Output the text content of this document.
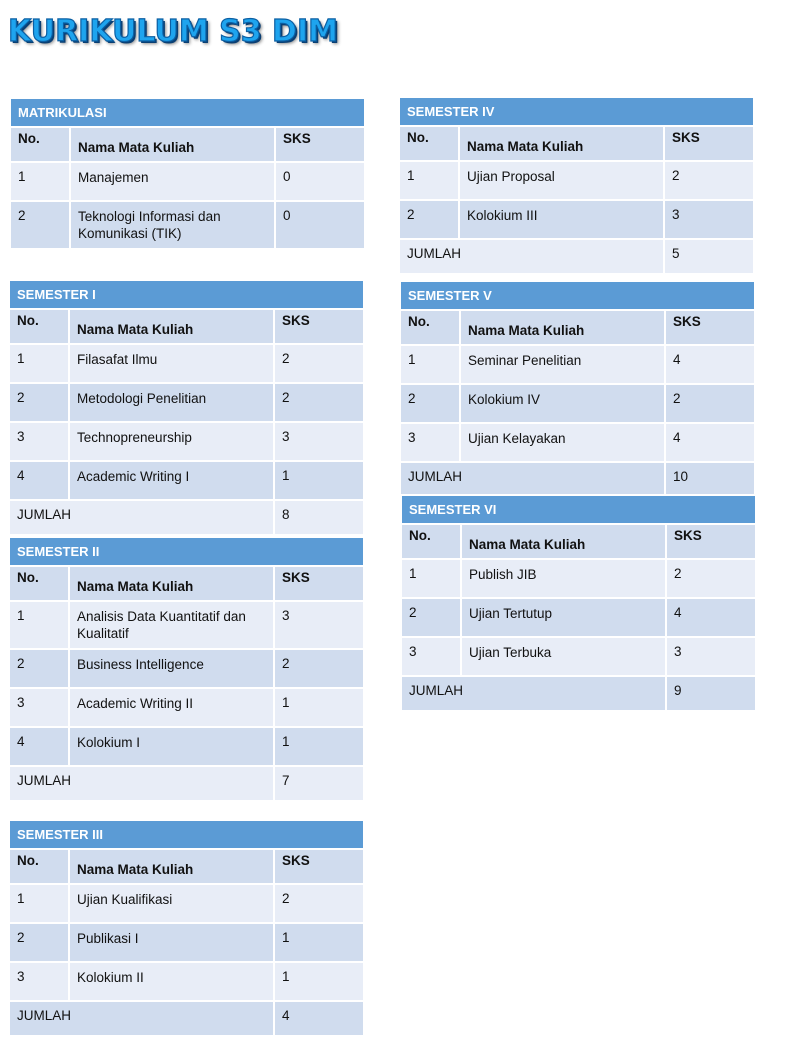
KURIKULUM S3 DIM
MATRIKULASI		
No.	Nama Mata Kuliah	SKS
1	Manajemen	0
2	Teknologi Informasi dan Komunikasi (TIK)	0
SEMESTER I		
No.	Nama Mata Kuliah	SKS
1	Filasafat Ilmu	2
2	Metodologi Penelitian	2
3	Technopreneurship	3
4	Academic Writing I	1
JUMLAH		8
SEMESTER II		
No.	Nama Mata Kuliah	SKS
1	Analisis Data Kuantitatif dan Kualitatif	3
2	Business Intelligence	2
3	Academic Writing II	1
4	Kolokium I	1
JUMLAH		7
SEMESTER III		
No.	Nama Mata Kuliah	SKS
1	Ujian Kualifikasi	2
2	Publikasi I	1
3	Kolokium II	1
JUMLAH		4
SEMESTER IV		
No.	Nama Mata Kuliah	SKS
1	Ujian Proposal	2
2	Kolokium III	3
JUMLAH		5
SEMESTER V		
No.	Nama Mata Kuliah	SKS
1	Seminar Penelitian	4
2	Kolokium IV	2
3	Ujian Kelayakan	4
JUMLAH		10
SEMESTER VI		
No.	Nama Mata Kuliah	SKS
1	Publish JIB	2
2	Ujian Tertutup	4
3	Ujian Terbuka	3
JUMLAH		9
